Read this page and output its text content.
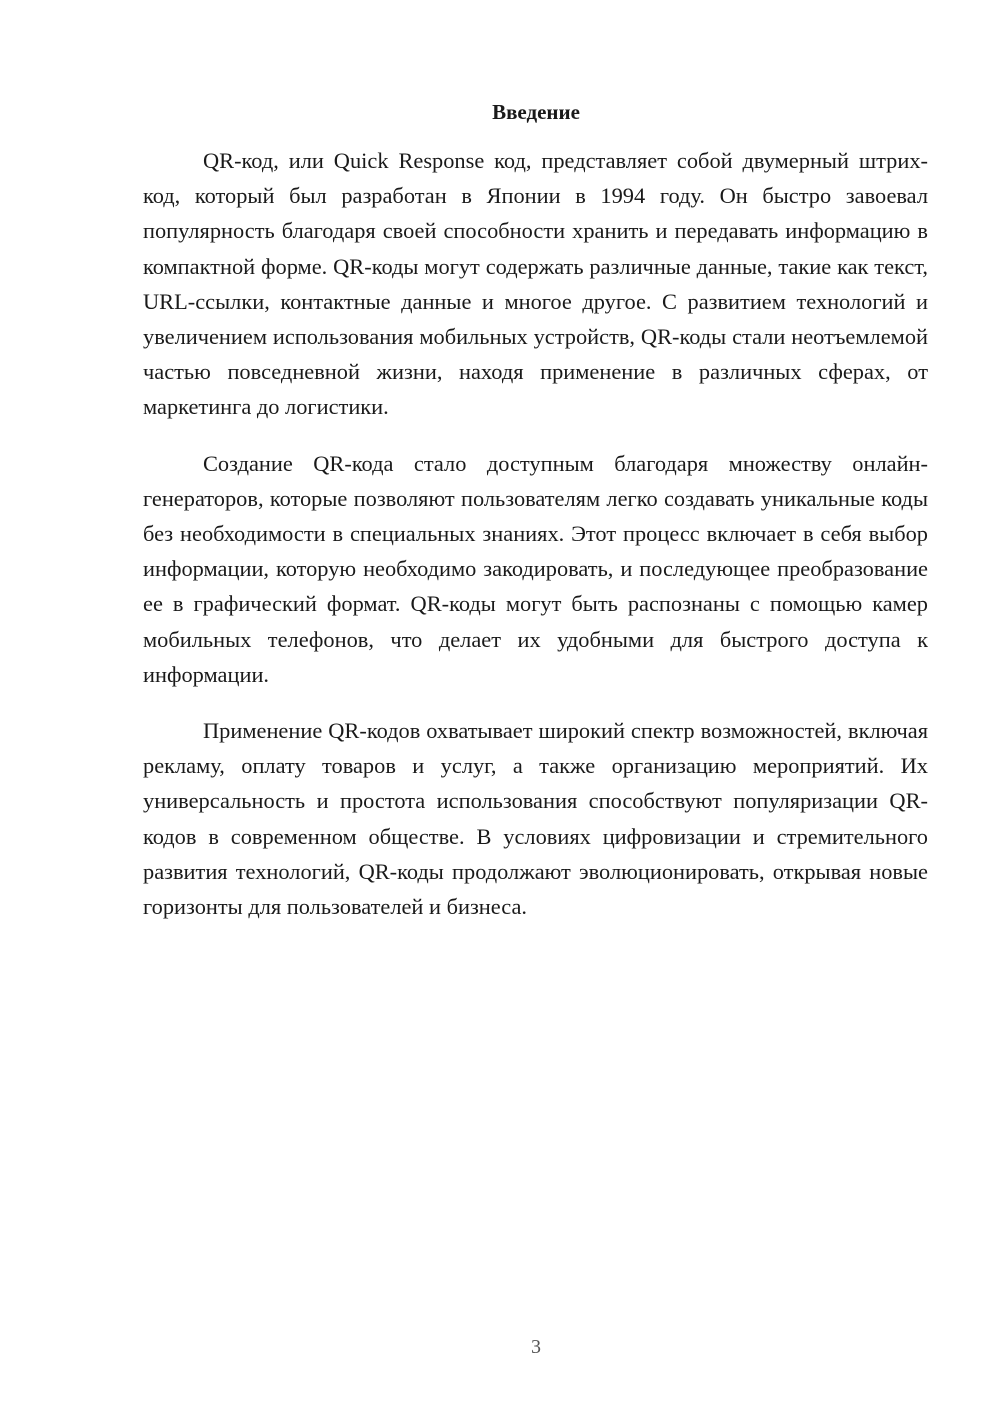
Введение

QR-код, или Quick Response код, представляет собой двумерный штрих-код, который был разработан в Японии в 1994 году. Он быстро завоевал популярность благодаря своей способности хранить и передавать информацию в компактной форме. QR-коды могут содержать различные данные, такие как текст, URL-ссылки, контактные данные и многое другое. С развитием технологий и увеличением использования мобильных устройств, QR-коды стали неотъемлемой частью повседневной жизни, находя применение в различных сферах, от маркетинга до логистики.

Создание QR-кода стало доступным благодаря множеству онлайн-генераторов, которые позволяют пользователям легко создавать уникальные коды без необходимости в специальных знаниях. Этот процесс включает в себя выбор информации, которую необходимо закодировать, и последующее преобразование ее в графический формат. QR-коды могут быть распознаны с помощью камер мобильных телефонов, что делает их удобными для быстрого доступа к информации.

Применение QR-кодов охватывает широкий спектр возможностей, включая рекламу, оплату товаров и услуг, а также организацию мероприятий. Их универсальность и простота использования способствуют популяризации QR-кодов в современном обществе. В условиях цифровизации и стремительного развития технологий, QR-коды продолжают эволюционировать, открывая новые горизонты для пользователей и бизнеса.

3
